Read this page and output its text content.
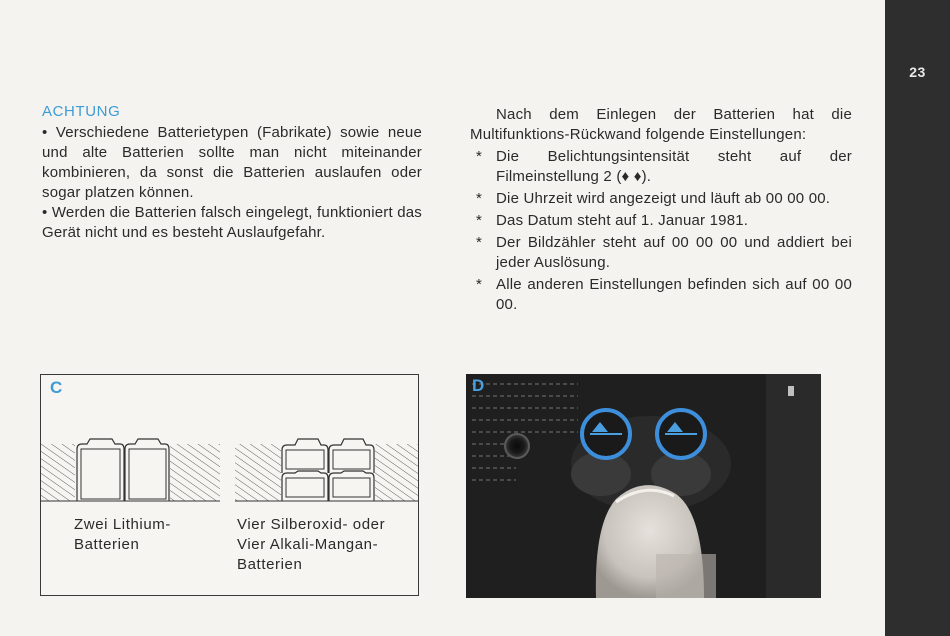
23
ACHTUNG

• Verschiedene Batterietypen (Fabrikate) sowie neue und alte Batterien sollte man nicht miteinander kombinieren, da sonst die Batterien auslaufen oder sogar platzen können.

• Werden die Batterien falsch eingelegt, funktioniert das Gerät nicht und es besteht Auslaufgefahr.

Nach dem Einlegen der Batterien hat die Multifunktions-Rückwand folgende Einstellungen:

* Die Belichtungsintensität steht auf der Filmeinstellung 2 (♦ ♦).
* Die Uhrzeit wird angezeigt und läuft ab 00 00 00.
* Das Datum steht auf 1. Januar 1981.
* Der Bildzähler steht auf 00 00 00 und addiert bei jeder Auslösung.
* Alle anderen Einstellungen befinden sich auf 00 00 00.
C
Zwei Lithium-
Batterien
Vier Silberoxid- oder
Vier Alkali-Mangan-
Batterien
D
